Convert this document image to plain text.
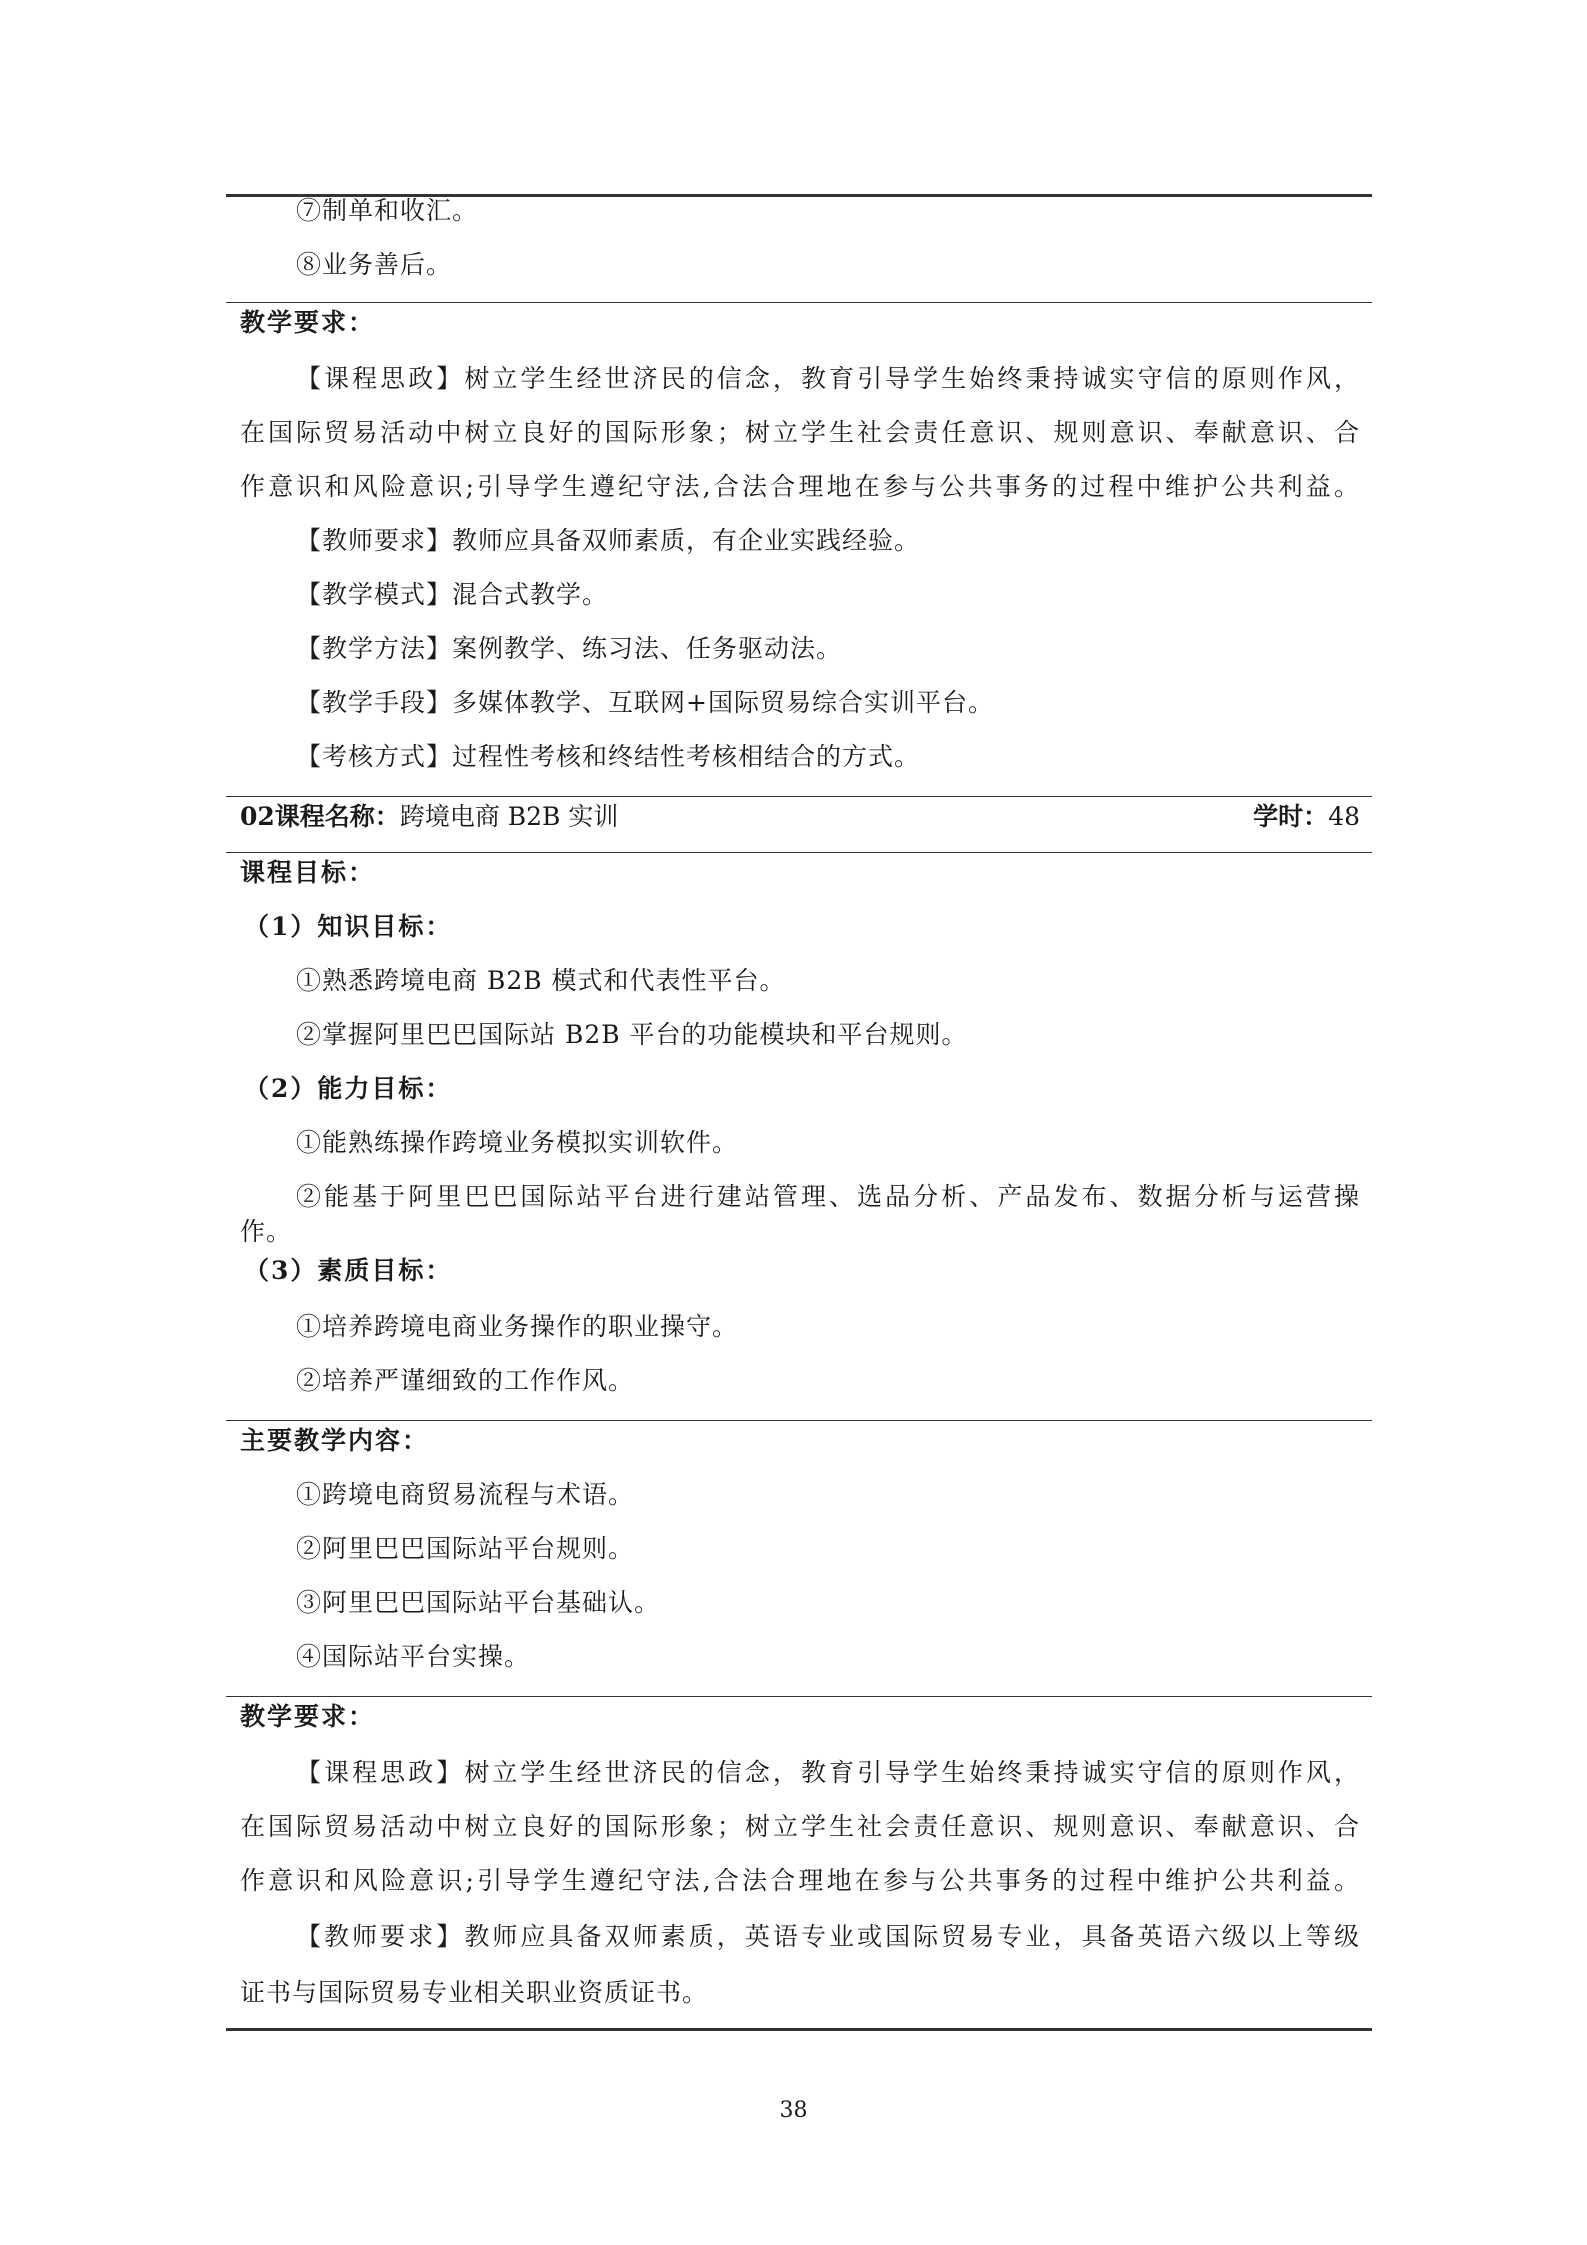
⑦制单和收汇。
⑧业务善后。
教学要求：
【课程思政】树立学生经世济民的信念，教育引导学生始终秉持诚实守信的原则作风，
在国际贸易活动中树立良好的国际形象；树立学生社会责任意识、规则意识、奉献意识、合
作意识和风险意识;引导学生遵纪守法,合法合理地在参与公共事务的过程中维护公共利益。
【教师要求】教师应具备双师素质，有企业实践经验。
【教学模式】混合式教学。
【教学方法】案例教学、练习法、任务驱动法。
【教学手段】多媒体教学、互联网+国际贸易综合实训平台。
【考核方式】过程性考核和终结性考核相结合的方式。
02课程名称：跨境电商 B2B 实训	学时：48
课程目标：
（1）知识目标：
①熟悉跨境电商 B2B 模式和代表性平台。
②掌握阿里巴巴国际站 B2B 平台的功能模块和平台规则。
（2）能力目标：
①能熟练操作跨境业务模拟实训软件。
②能基于阿里巴巴国际站平台进行建站管理、选品分析、产品发布、数据分析与运营操
作。
（3）素质目标：
①培养跨境电商业务操作的职业操守。
②培养严谨细致的工作作风。
主要教学内容：
①跨境电商贸易流程与术语。
②阿里巴巴国际站平台规则。
③阿里巴巴国际站平台基础认。
④国际站平台实操。
教学要求：
【课程思政】树立学生经世济民的信念，教育引导学生始终秉持诚实守信的原则作风，
在国际贸易活动中树立良好的国际形象；树立学生社会责任意识、规则意识、奉献意识、合
作意识和风险意识;引导学生遵纪守法,合法合理地在参与公共事务的过程中维护公共利益。
【教师要求】教师应具备双师素质，英语专业或国际贸易专业，具备英语六级以上等级
证书与国际贸易专业相关职业资质证书。
38
